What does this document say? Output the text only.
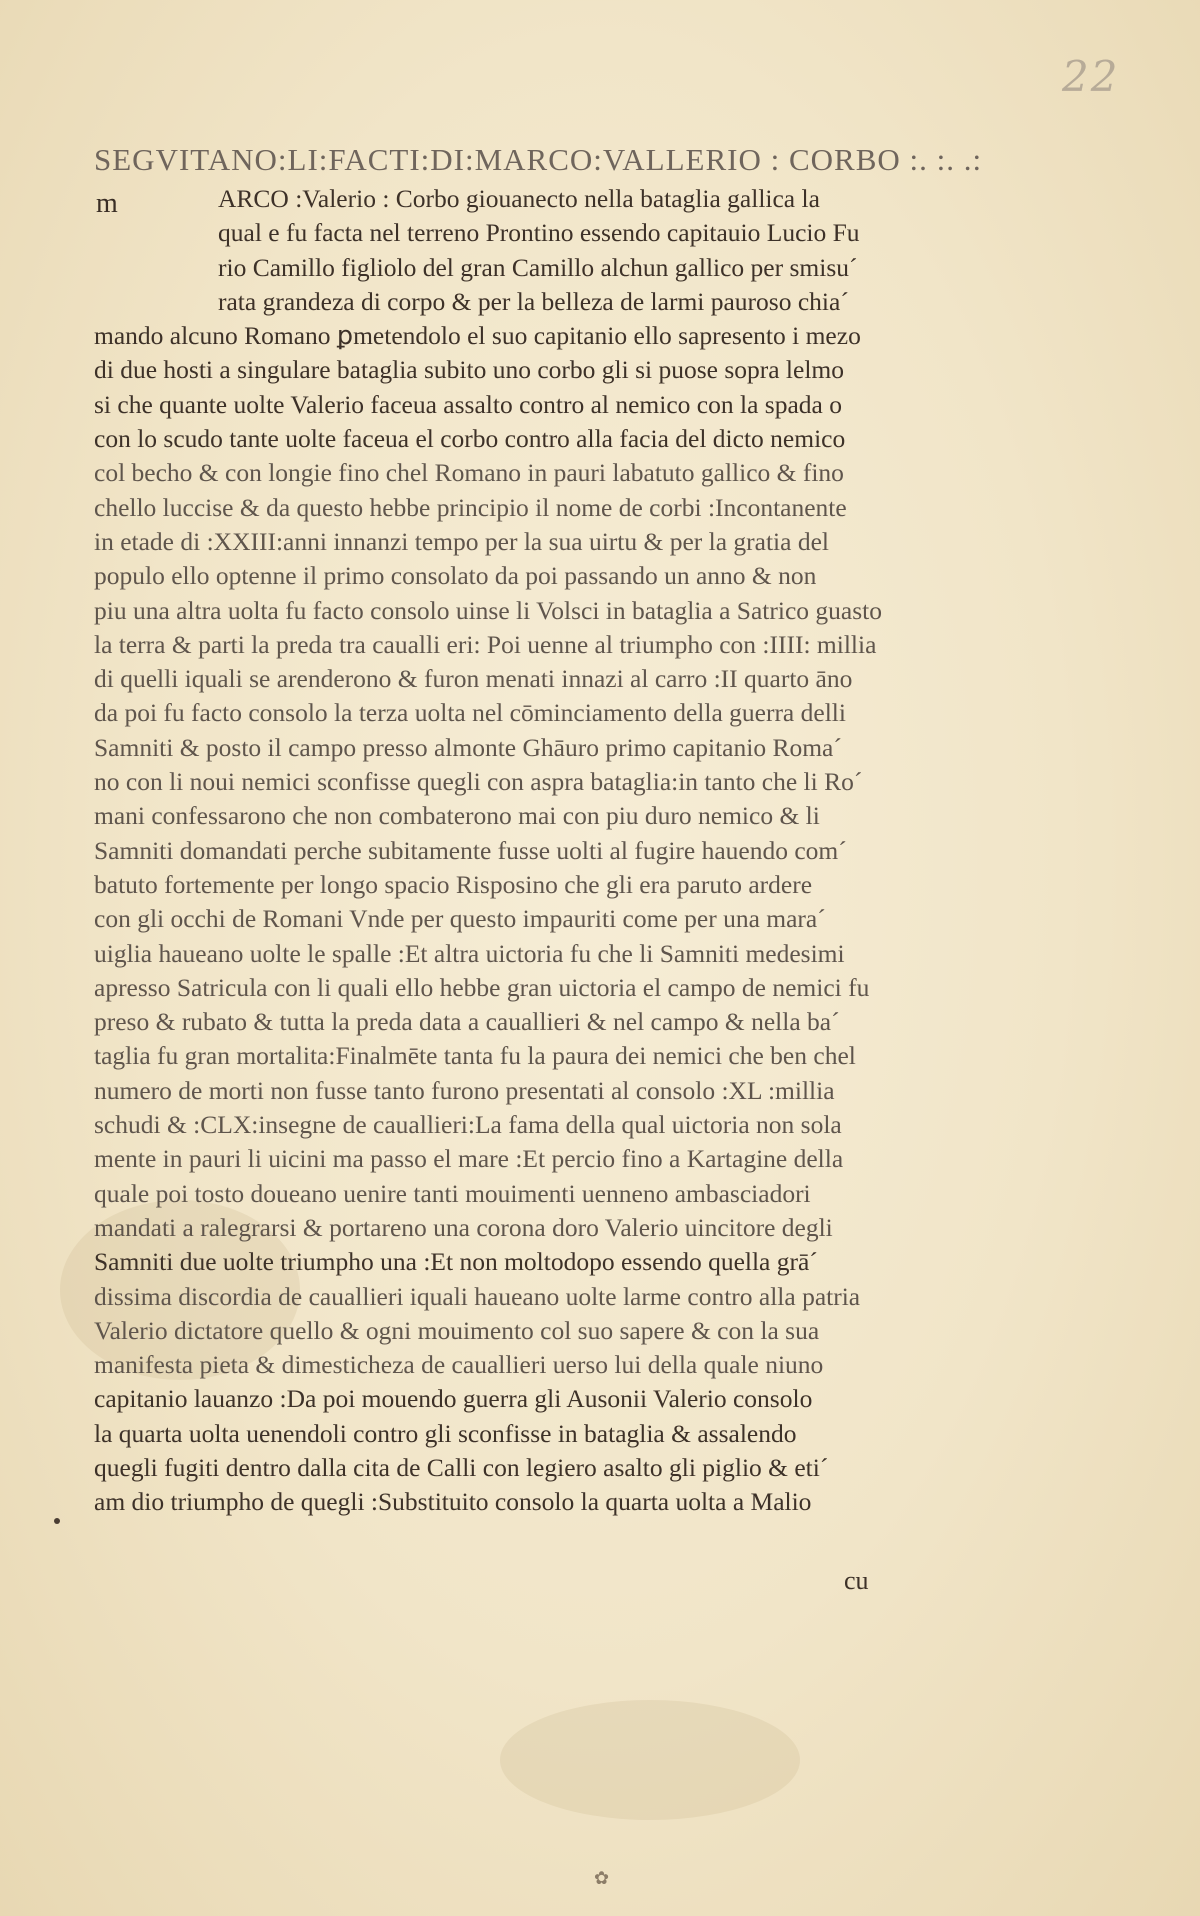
22
SEGVITANO:LI:FACTI:DI:MARCO:VALLERIO : CORBO :. :. .:
m	ARCO :Valerio : Corbo giouanecto nella bataglia gallica la
qual e fu facta nel terreno Prontino essendo capitauio Lucio Fu
rio Camillo figliolo del gran Camillo alchun gallico per smisu´
rata grandeza di corpo & per la belleza de larmi pauroso chia´
mando alcuno Romano ꝑmetendolo el suo capitanio ello sapresento i mezo
di due hosti a singulare bataglia subito uno corbo gli si puose sopra lelmo
si che quante uolte Valerio faceua assalto contro al nemico con la spada o
con lo scudo tante uolte faceua el corbo contro alla facia del dicto nemico
col becho & con longie fino chel Romano in pauri labatuto gallico & fino
chello luccise & da questo hebbe principio il nome de corbi :Incontanente
in etade di :XXIII:anni innanzi tempo per la sua uirtu & per la gratia del
populo ello optenne il primo consolato da poi passando un anno & non
piu una altra uolta fu facto consolo uinse li Volsci in bataglia a Satrico guasto
la terra & parti la preda tra caualli eri: Poi uenne al triumpho con :IIII: millia
di quelli iquali se arenderono & furon menati innazi al carro :II quarto āno
da poi fu facto consolo la terza uolta nel cōminciamento della guerra delli
Samniti & posto il campo presso almonte Ghāuro primo capitanio Roma´
no con li noui nemici sconfisse quegli con aspra bataglia:in tanto che li Ro´
mani confessarono che non combaterono mai con piu duro nemico & li
Samniti domandati perche subitamente fusse uolti al fugire hauendo com´
batuto fortemente per longo spacio Risposino che gli era paruto ardere
con gli occhi de Romani Vnde per questo impauriti come per una mara´
uiglia haueano uolte le spalle :Et altra uictoria fu che li Samniti medesimi
apresso Satricula con li quali ello hebbe gran uictoria el campo de nemici fu
preso & rubato & tutta la preda data a cauallieri & nel campo & nella ba´
taglia fu gran mortalita:Finalmēte tanta fu la paura dei nemici che ben chel
numero de morti non fusse tanto furono presentati al consolo :XL :millia
schudi & :CLX:insegne de cauallieri:La fama della qual uictoria non sola
mente in pauri li uicini ma passo el mare :Et percio fino a Kartagine della
quale poi tosto doueano uenire tanti mouimenti uenneno ambasciadori
mandati a ralegrarsi & portareno una corona doro Valerio uincitore degli
Samniti due uolte triumpho una :Et non moltodopo essendo quella grā´
dissima discordia de cauallieri iquali haueano uolte larme contro alla patria
Valerio dictatore quello & ogni mouimento col suo sapere & con la sua
manifesta pieta & dimesticheza de cauallieri uerso lui della quale niuno
capitanio lauanzo :Da poi mouendo guerra gli Ausonii Valerio consolo
la quarta uolta uenendoli contro gli sconfisse in bataglia & assalendo
quegli fugiti dentro dalla cita de Calli con legiero asalto gli piglio & eti´
am dio triumpho de quegli :Substituito consolo la quarta uolta a Malio
cu
✿
